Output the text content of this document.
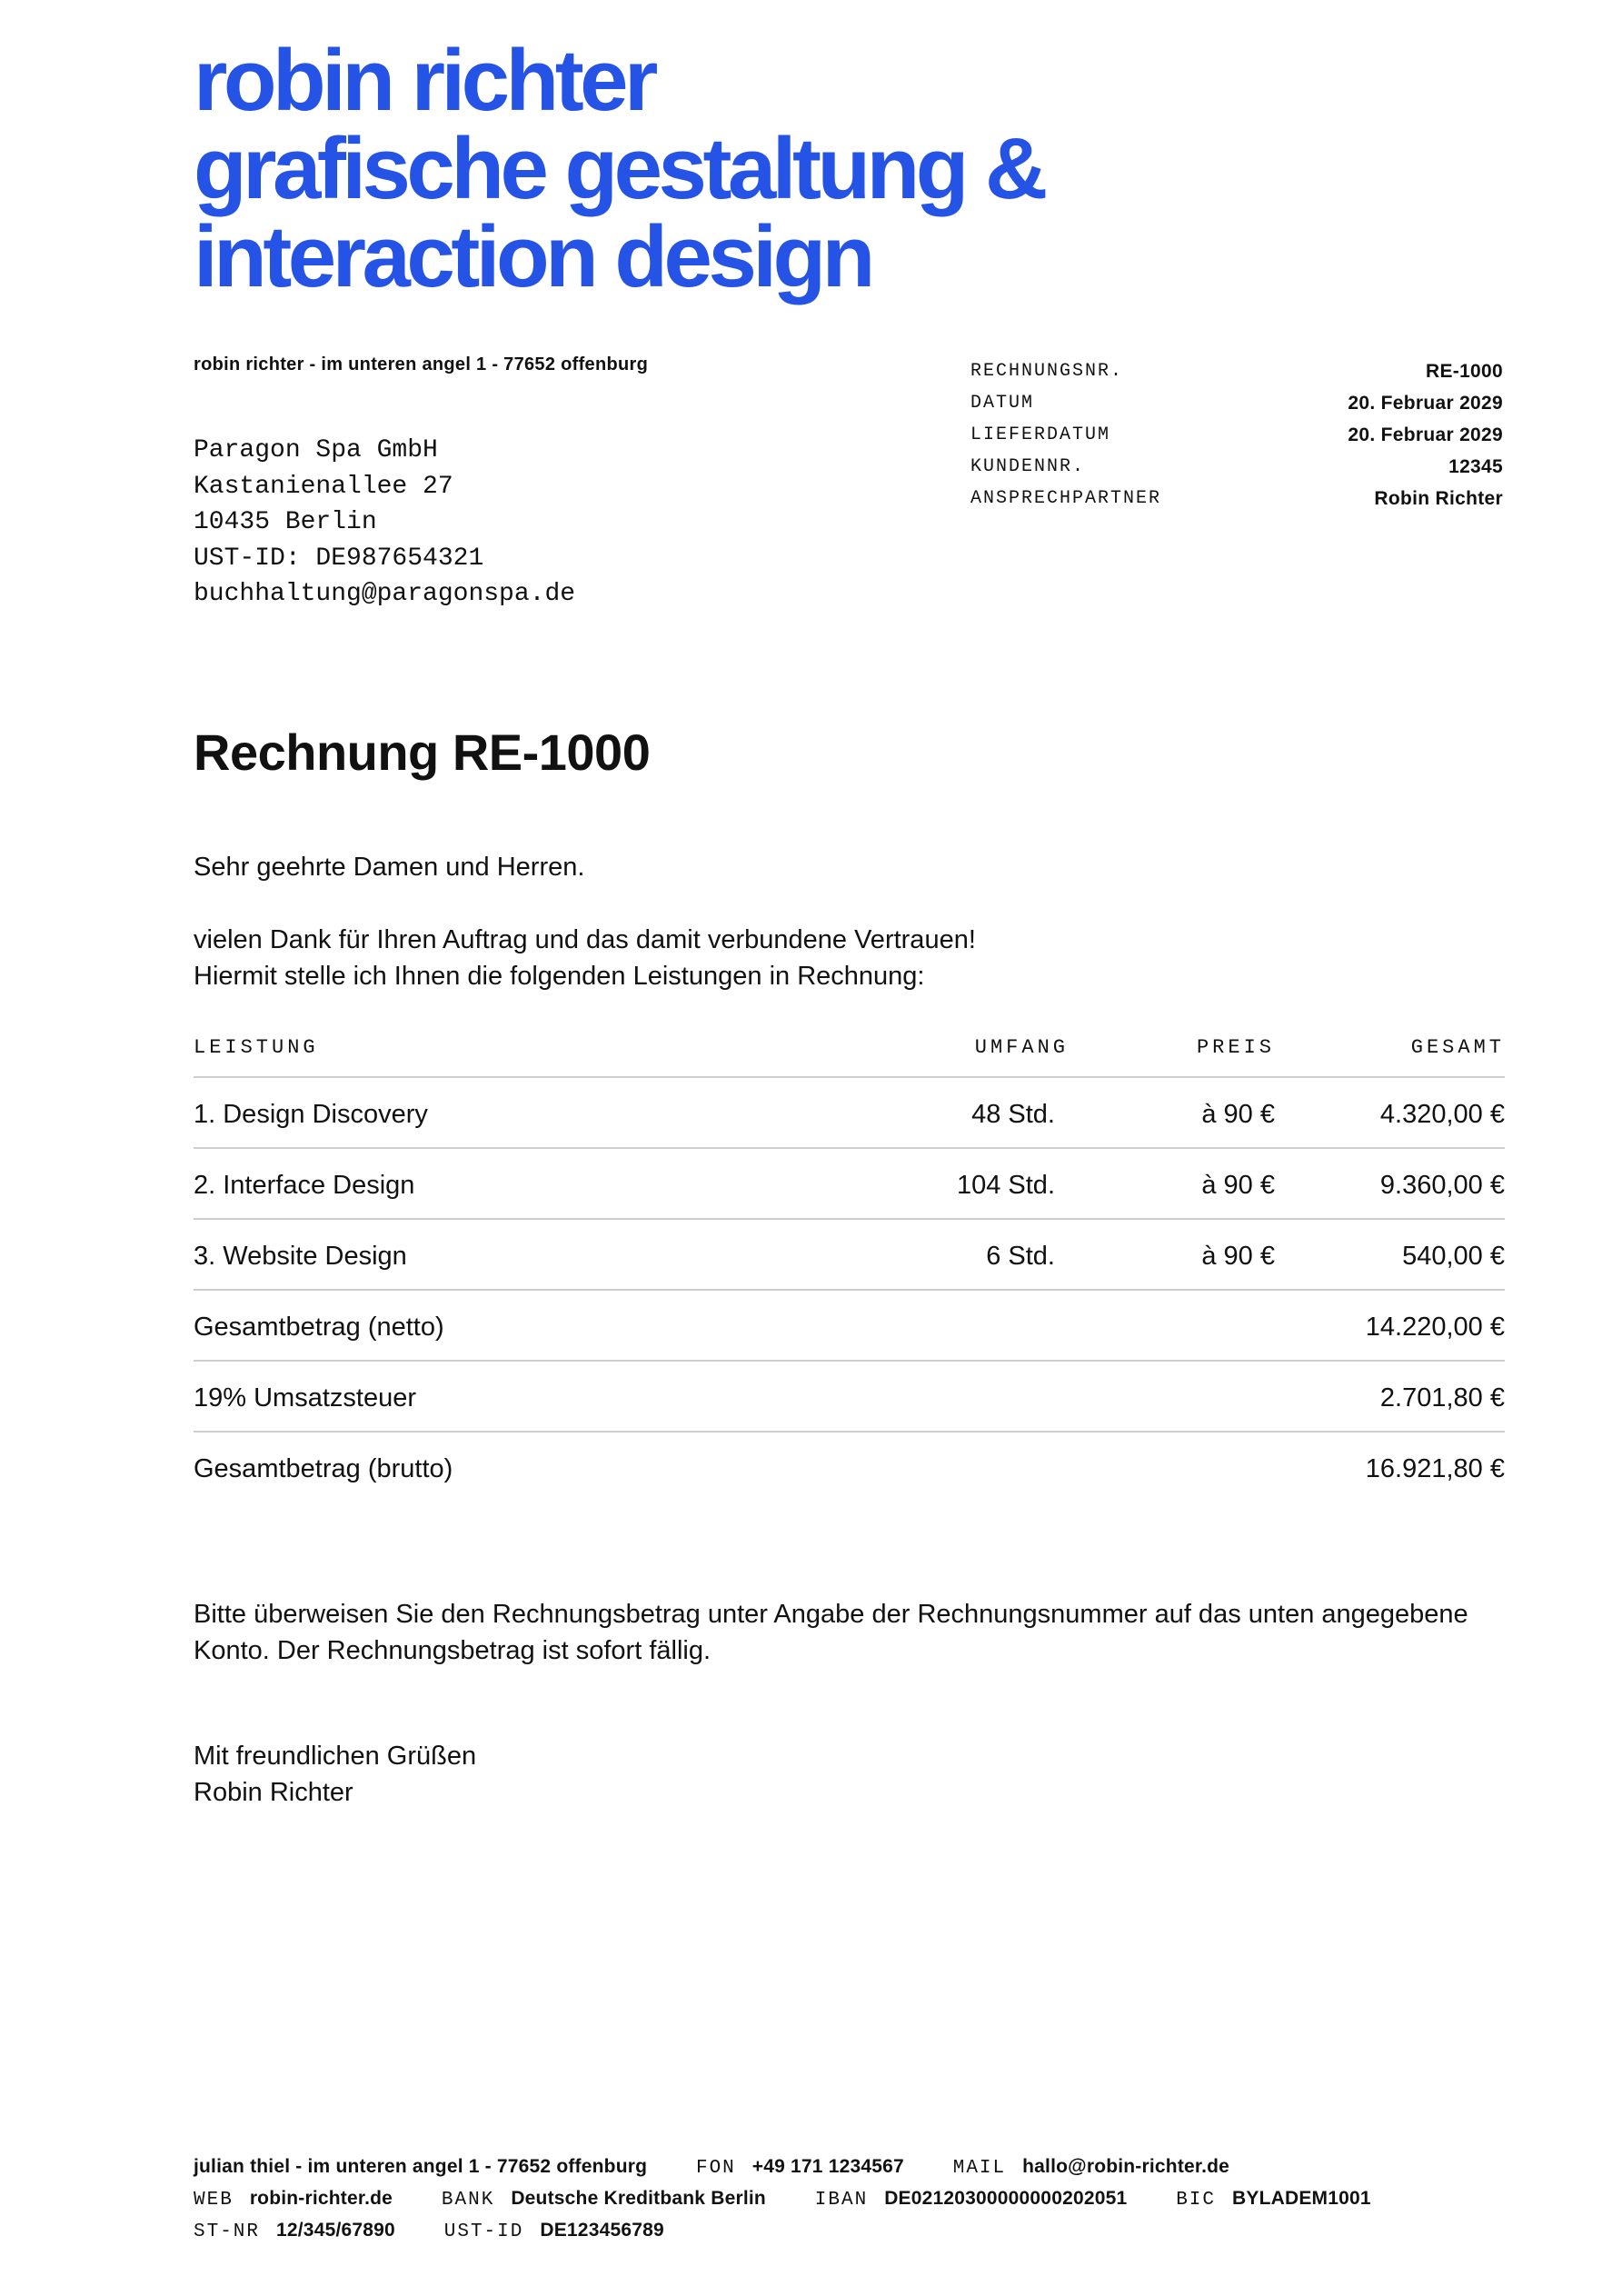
robin richter
grafische gestaltung &
interaction design
robin richter - im unteren angel 1 - 77652 offenburg
Paragon Spa GmbH
Kastanienallee 27
10435 Berlin
UST-ID: DE987654321
buchhaltung@paragonspa.de
RECHNUNGSNR.	RE-1000
DATUM	20. Februar 2029
LIEFERDATUM	20. Februar 2029
KUNDENNR.	12345
ANSPRECHPARTNER	Robin Richter
Rechnung RE-1000
Sehr geehrte Damen und Herren.
vielen Dank für Ihren Auftrag und das damit verbundene Vertrauen!
Hiermit stelle ich Ihnen die folgenden Leistungen in Rechnung:
LEISTUNG	UMFANG	PREIS	GESAMT
1. Design Discovery	48 Std.	à 90 €	4.320,00 €
2. Interface Design	104 Std.	à 90 €	9.360,00 €
3. Website Design	6 Std.	à 90 €	540,00 €
Gesamtbetrag (netto)	14.220,00 €
19% Umsatzsteuer	2.701,80 €
Gesamtbetrag (brutto)	16.921,80 €
Bitte überweisen Sie den Rechnungsbetrag unter Angabe der Rechnungsnummer auf das unten angegebene Konto. Der Rechnungsbetrag ist sofort fällig.
Mit freundlichen Grüßen
Robin Richter
julian thiel - im unteren angel 1 - 77652 offenburg	FON +49 171 1234567	MAIL hallo@robin-richter.de
WEB robin-richter.de	BANK Deutsche Kreditbank Berlin	IBAN DE02120300000000202051	BIC BYLADEM1001
ST-NR 12/345/67890	UST-ID DE123456789
